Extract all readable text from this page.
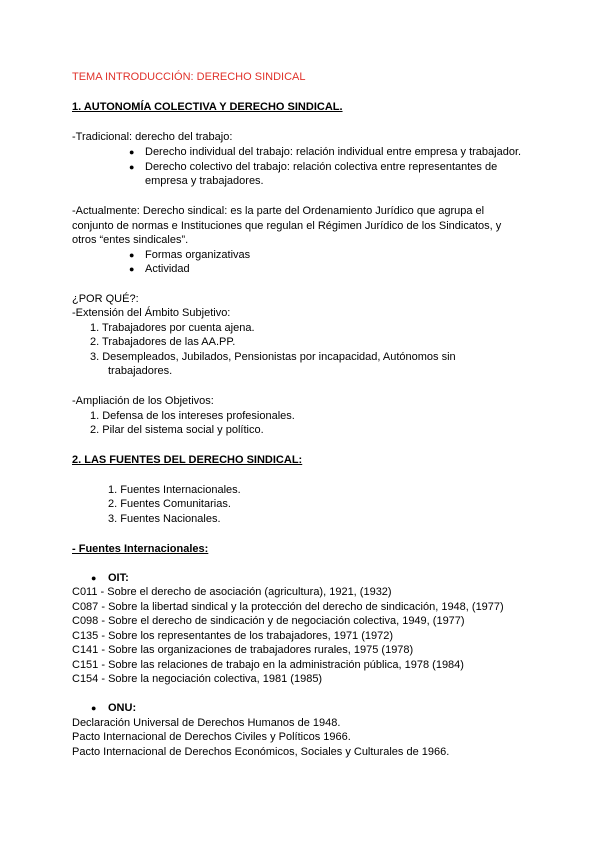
TEMA INTRODUCCIÓN: DERECHO SINDICAL
1. AUTONOMÍA COLECTIVA Y DERECHO SINDICAL.
-Tradicional: derecho del trabajo:
● Derecho individual del trabajo: relación individual entre empresa y trabajador.
● Derecho colectivo del trabajo: relación colectiva entre representantes de
empresa y trabajadores.
-Actualmente: Derecho sindical: es la parte del Ordenamiento Jurídico que agrupa el
conjunto de normas e Instituciones que regulan el Régimen Jurídico de los Sindicatos, y
otros “entes sindicales”.
● Formas organizativas
● Actividad
¿POR QUÉ?:
-Extensión del Ámbito Subjetivo:
1. Trabajadores por cuenta ajena.
2. Trabajadores de las AA.PP.
3. Desempleados, Jubilados, Pensionistas por incapacidad, Autónomos sin
trabajadores.
-Ampliación de los Objetivos:
1. Defensa de los intereses profesionales.
2. Pilar del sistema social y político.
2. LAS FUENTES DEL DERECHO SINDICAL:
1. Fuentes Internacionales.
2. Fuentes Comunitarias.
3. Fuentes Nacionales.
- Fuentes Internacionales:
● OIT:
C011 - Sobre el derecho de asociación (agricultura), 1921, (1932)
C087 - Sobre la libertad sindical y la protección del derecho de sindicación, 1948, (1977)
C098 - Sobre el derecho de sindicación y de negociación colectiva, 1949, (1977)
C135 - Sobre los representantes de los trabajadores, 1971 (1972)
C141 - Sobre las organizaciones de trabajadores rurales, 1975 (1978)
C151 - Sobre las relaciones de trabajo en la administración pública, 1978 (1984)
C154 - Sobre la negociación colectiva, 1981 (1985)
● ONU:
Declaración Universal de Derechos Humanos de 1948.
Pacto Internacional de Derechos Civiles y Políticos 1966.
Pacto Internacional de Derechos Económicos, Sociales y Culturales de 1966.
